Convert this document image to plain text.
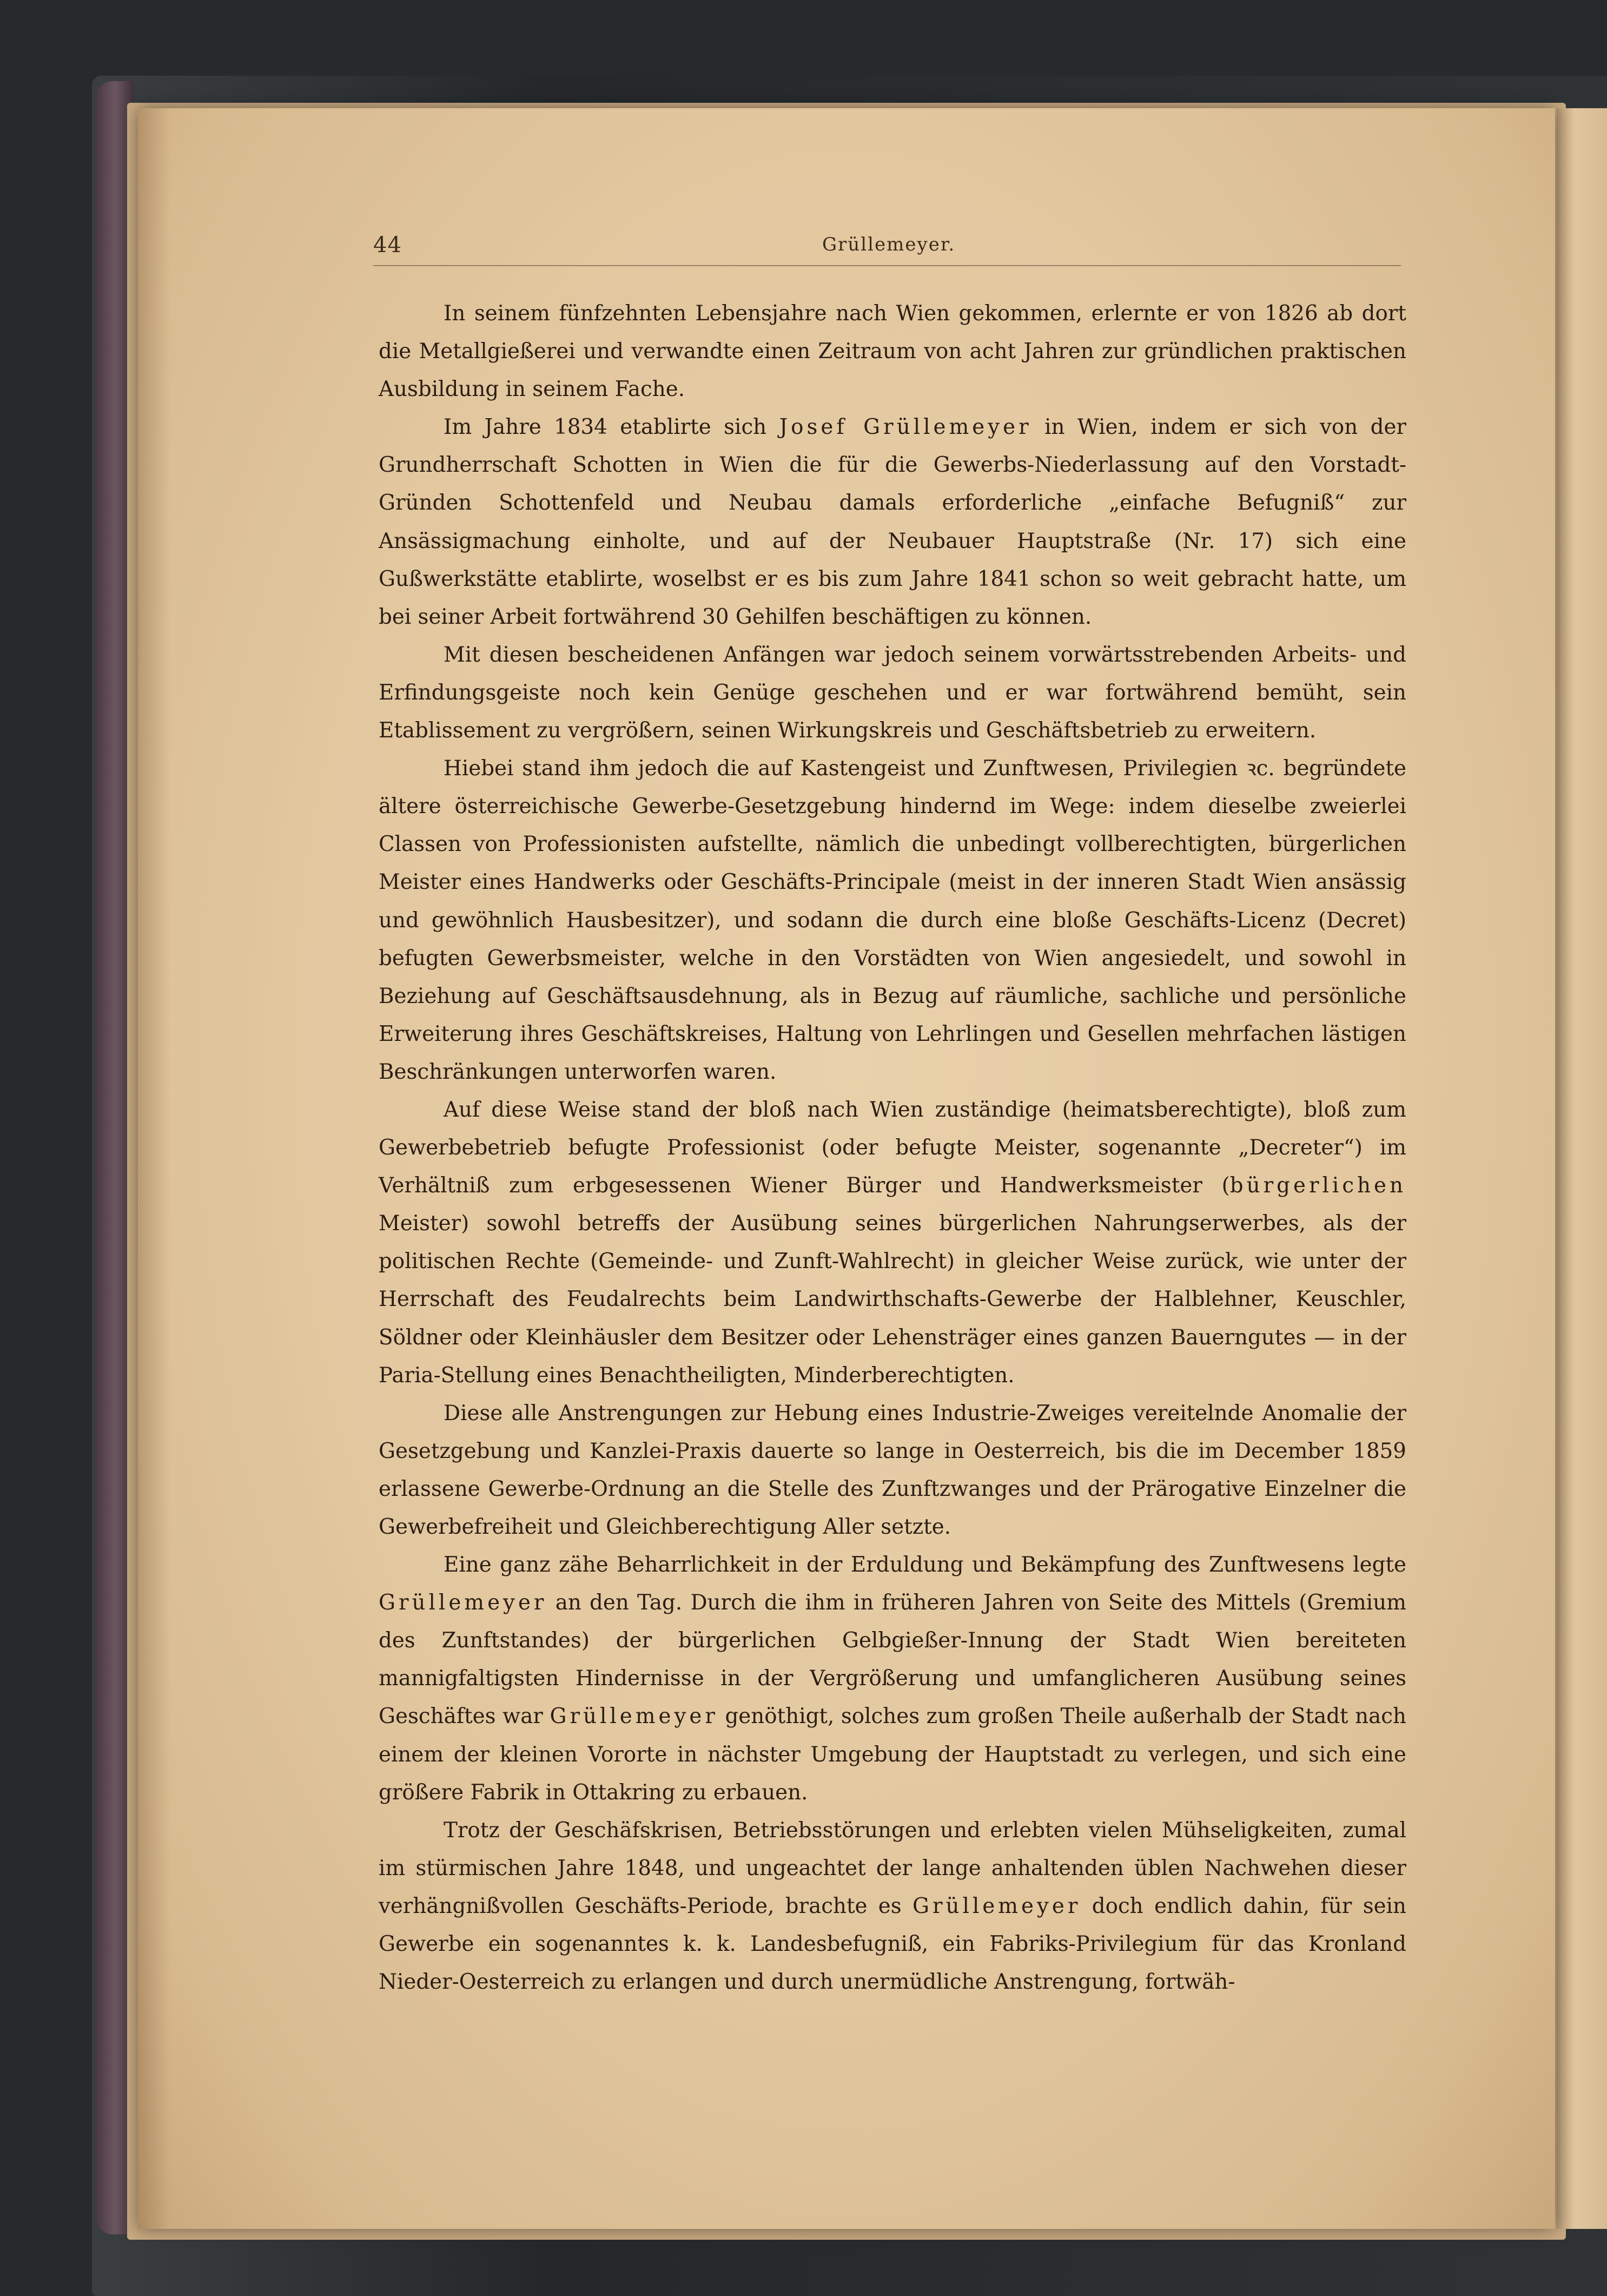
44	Grüllemeyer.

In seinem fünfzehnten Lebensjahre nach Wien gekommen, erlernte er von 1826 ab dort die Metallgießerei und verwandte einen Zeitraum von acht Jahren zur gründlichen praktischen Ausbildung in seinem Fache.

Im Jahre 1834 etablirte sich Josef Grüllemeyer in Wien, indem er sich von der Grundherrschaft Schotten in Wien die für die Gewerbs-Niederlassung auf den Vorstadt-Gründen Schottenfeld und Neubau damals erforderliche „einfache Befugniß“ zur Ansässigmachung einholte, und auf der Neubauer Hauptstraße (Nr. 17) sich eine Gußwerkstätte etablirte, woselbst er es bis zum Jahre 1841 schon so weit gebracht hatte, um bei seiner Arbeit fortwährend 30 Gehilfen beschäftigen zu können.

Mit diesen bescheidenen Anfängen war jedoch seinem vorwärtsstrebenden Arbeits- und Erfindungsgeiste noch kein Genüge geschehen und er war fortwährend bemüht, sein Etablissement zu vergrößern, seinen Wirkungskreis und Geschäftsbetrieb zu erweitern.

Hiebei stand ihm jedoch die auf Kastengeist und Zunftwesen, Privilegien ꝛc. begründete ältere österreichische Gewerbe-Gesetzgebung hindernd im Wege: indem dieselbe zweierlei Classen von Professionisten aufstellte, nämlich die unbedingt vollberechtigten, bürgerlichen Meister eines Handwerks oder Geschäfts-Principale (meist in der inneren Stadt Wien ansässig und gewöhnlich Hausbesitzer), und sodann die durch eine bloße Geschäfts-Licenz (Decret) befugten Gewerbsmeister, welche in den Vorstädten von Wien angesiedelt, und sowohl in Beziehung auf Geschäftsausdehnung, als in Bezug auf räumliche, sachliche und persönliche Erweiterung ihres Geschäftskreises, Haltung von Lehrlingen und Gesellen mehrfachen lästigen Beschränkungen unterworfen waren.

Auf diese Weise stand der bloß nach Wien zuständige (heimatsberechtigte), bloß zum Gewerbebetrieb befugte Professionist (oder befugte Meister, sogenannte „Decreter“) im Verhältniß zum erbgesessenen Wiener Bürger und Handwerksmeister (bürgerlichen Meister) sowohl betreffs der Ausübung seines bürgerlichen Nahrungserwerbes, als der politischen Rechte (Gemeinde- und Zunft-Wahlrecht) in gleicher Weise zurück, wie unter der Herrschaft des Feudalrechts beim Landwirthschafts-Gewerbe der Halblehner, Keuschler, Söldner oder Kleinhäusler dem Besitzer oder Lehensträger eines ganzen Bauerngutes — in der Paria-Stellung eines Benachtheiligten, Minderberechtigten.

Diese alle Anstrengungen zur Hebung eines Industrie-Zweiges vereitelnde Anomalie der Gesetzgebung und Kanzlei-Praxis dauerte so lange in Oesterreich, bis die im December 1859 erlassene Gewerbe-Ordnung an die Stelle des Zunftzwanges und der Prärogative Einzelner die Gewerbefreiheit und Gleichberechtigung Aller setzte.

Eine ganz zähe Beharrlichkeit in der Erduldung und Bekämpfung des Zunftwesens legte Grüllemeyer an den Tag. Durch die ihm in früheren Jahren von Seite des Mittels (Gremium des Zunftstandes) der bürgerlichen Gelbgießer-Innung der Stadt Wien bereiteten mannigfaltigsten Hindernisse in der Vergrößerung und umfanglicheren Ausübung seines Geschäftes war Grüllemeyer genöthigt, solches zum großen Theile außerhalb der Stadt nach einem der kleinen Vororte in nächster Umgebung der Hauptstadt zu verlegen, und sich eine größere Fabrik in Ottakring zu erbauen.

Trotz der Geschäfskrisen, Betriebsstörungen und erlebten vielen Mühseligkeiten, zumal im stürmischen Jahre 1848, und ungeachtet der lange anhaltenden üblen Nachwehen dieser verhängnißvollen Geschäfts-Periode, brachte es Grüllemeyer doch endlich dahin, für sein Gewerbe ein sogenanntes k. k. Landesbefugniß, ein Fabriks-Privilegium für das Kronland Nieder-Oesterreich zu erlangen und durch unermüdliche Anstrengung, fortwäh-
